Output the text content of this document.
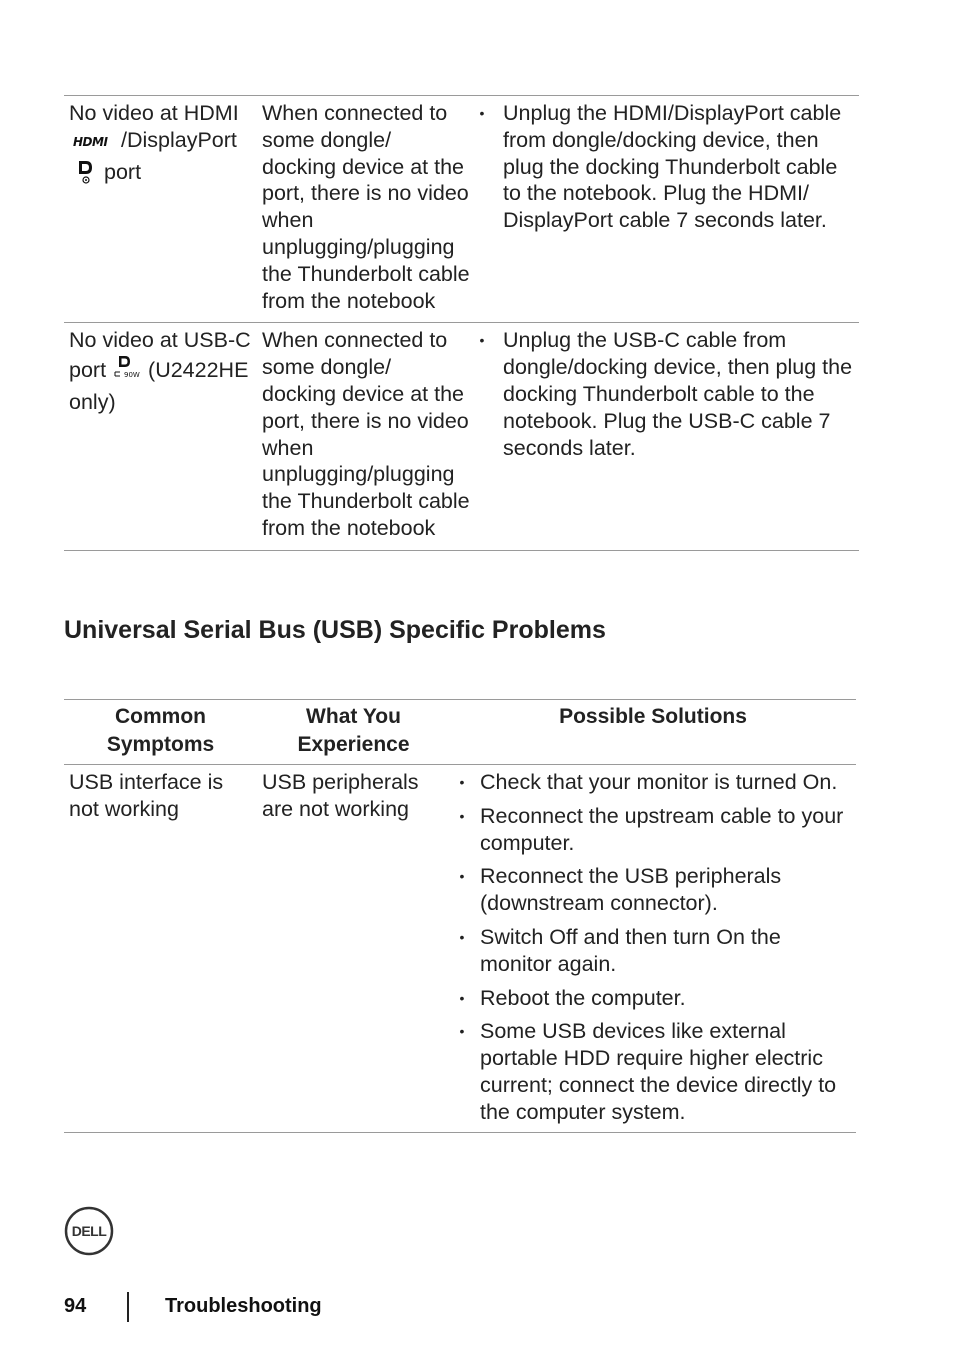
No video at HDMI

HDMI /DisplayPort
port
When connected to some dongle/ docking device at the port, there is no video when unplugging/plugging the Thunderbolt cable from the notebook
• Unplug the HDMI/DisplayPort cable from dongle/docking device, then plug the docking Thunderbolt cable to the notebook. Plug the HDMI/ DisplayPort cable 7 seconds later.
No video at USB-C
port	90W (U2422HE only)
When connected to some dongle/ docking device at the port, there is no video when unplugging/plugging the Thunderbolt cable from the notebook
• Unplug the USB-C cable from dongle/docking device, then plug the docking Thunderbolt cable to the notebook. Plug the USB-C cable 7 seconds later.
Universal Serial Bus (USB) Specific Problems
Common Symptoms
What You Experience
Possible Solutions
USB interface is not working
USB peripherals are not working
• Check that your monitor is turned On.
• Reconnect the upstream cable to your computer.
• Reconnect the USB peripherals (downstream connector).
• Switch Off and then turn On the monitor again.
• Reboot the computer.
• Some USB devices like external portable HDD require higher electric current; connect the device directly to the computer system.
DELL
94	Troubleshooting
